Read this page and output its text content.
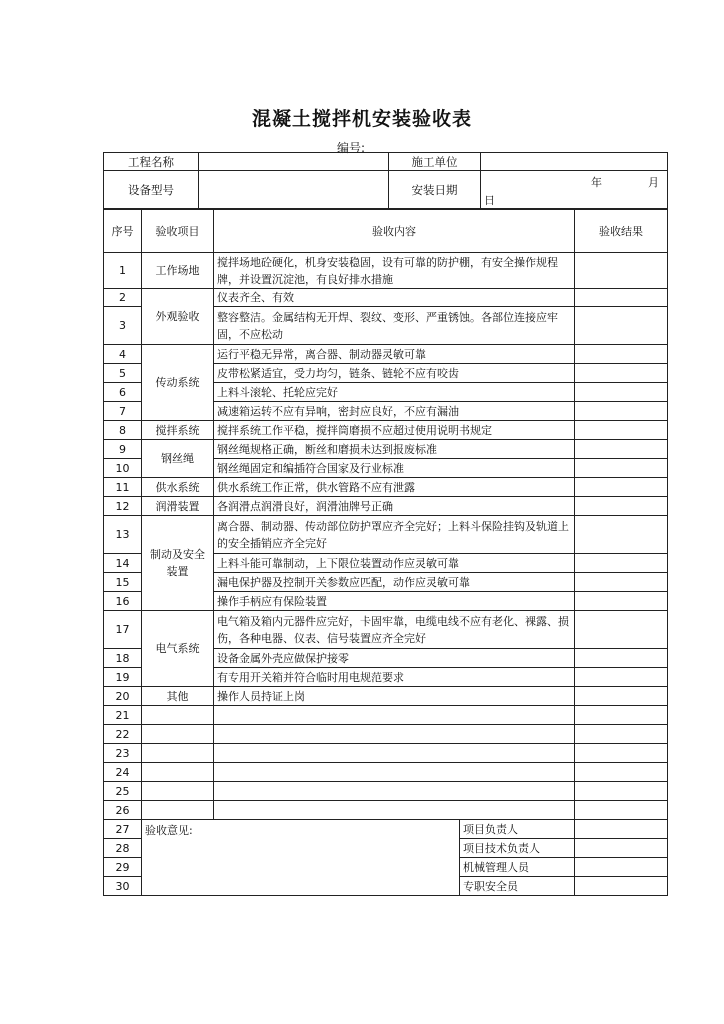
混凝土搅拌机安装验收表
编号:
工程名称		施工单位	
设备型号		安装日期	年 月
日
序号	验收项目	验收内容		验收结果
1	工作场地	搅拌场地砼硬化，机身安装稳固，设有可靠的防护棚，有安全操作规程牌，并设置沉淀池，有良好排水措施		
2	外观验收	仪表齐全、有效		
3		整容整洁。金属结构无开焊、裂纹、变形、严重锈蚀。各部位连接应牢固，不应松动		
4	传动系统	运行平稳无异常，离合器、制动器灵敏可靠		
5		皮带松紧适宜，受力均匀，链条、链轮不应有咬齿		
6		上料斗滚轮、托轮应完好		
7		减速箱运转不应有异响，密封应良好，不应有漏油		
8	搅拌系统	搅拌系统工作平稳，搅拌筒磨损不应超过使用说明书规定		
9	钢丝绳	钢丝绳规格正确，断丝和磨损未达到报废标准		
10		钢丝绳固定和编插符合国家及行业标准		
11	供水系统	供水系统工作正常，供水管路不应有泄露		
12	润滑装置	各润滑点润滑良好，润滑油牌号正确		
13	制动及安全装置	离合器、制动器、传动部位防护罩应齐全完好；上料斗保险挂钩及轨道上的安全插销应齐全完好		
14		上料斗能可靠制动，上下限位装置动作应灵敏可靠		
15		漏电保护器及控制开关参数应匹配，动作应灵敏可靠		
16		操作手柄应有保险装置		
17	电气系统	电气箱及箱内元器件应完好，卡固牢靠，电缆电线不应有老化、裸露、损伤，各种电器、仪表、信号装置应齐全完好		
18		设备金属外壳应做保护接零		
19		有专用开关箱并符合临时用电规范要求		
20	其他	操作人员持证上岗		
21				
22				
23				
24				
25				
26				
27	验收意见:		项目负责人	
28			项目技术负责人	
29			机械管理人员	
30			专职安全员	
